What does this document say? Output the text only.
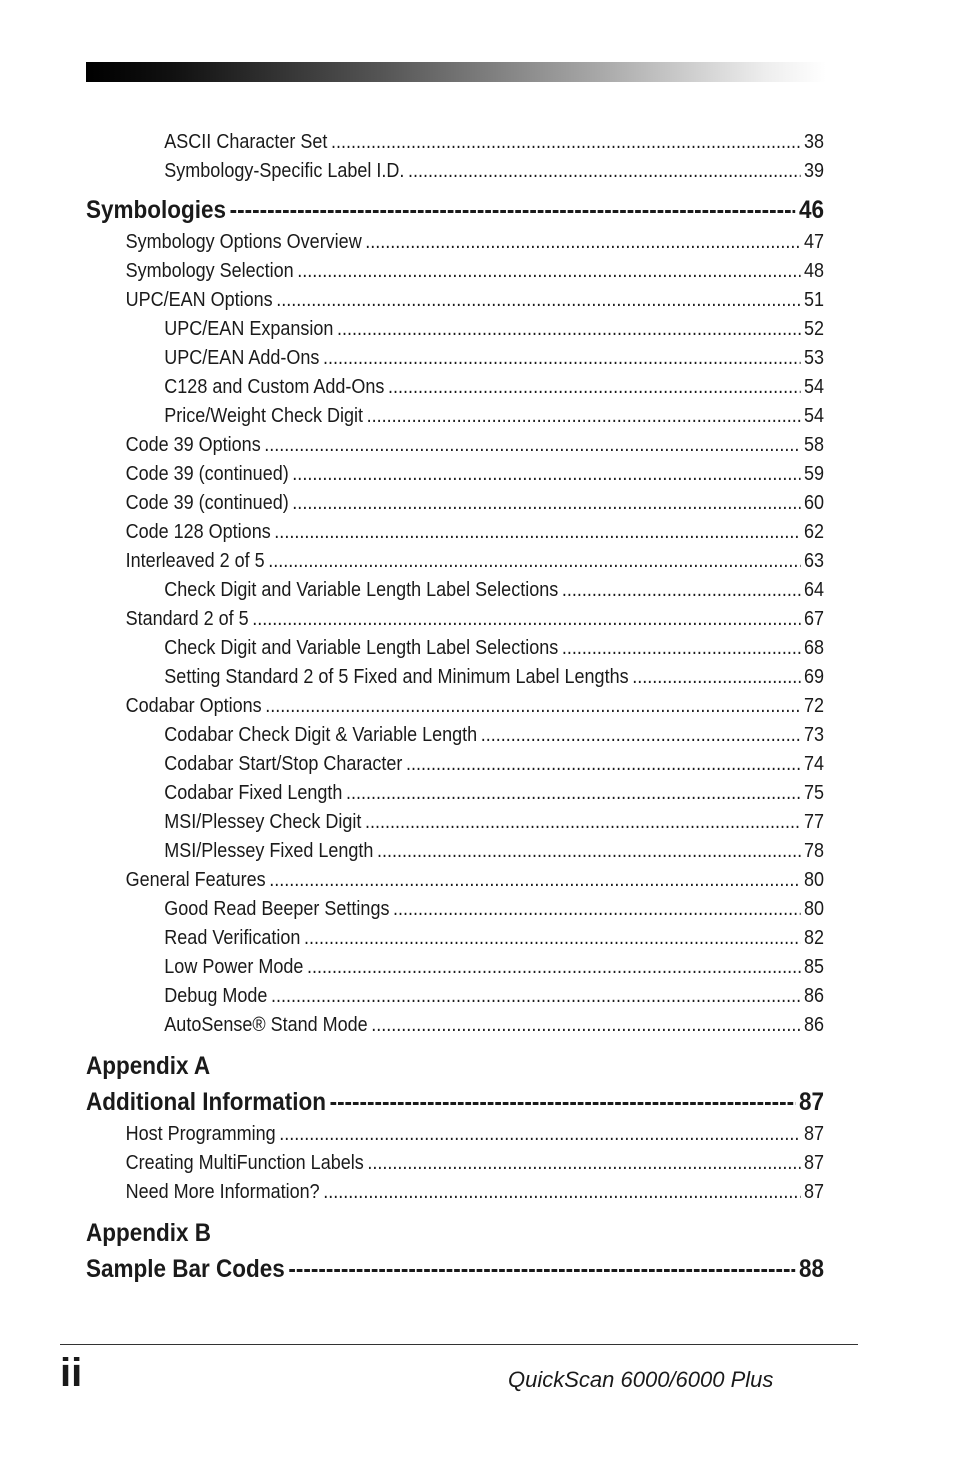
ASCII Character Set .....	38
Symbology-Specific Label I.D. .....	39
Symbologies -----	46
Symbology Options Overview .....	47
Symbology Selection .....	48
UPC/EAN Options .....	51
UPC/EAN Expansion .....	52
UPC/EAN Add-Ons .....	53
C128 and Custom Add-Ons .....	54
Price/Weight Check Digit .....	54
Code 39 Options .....	58
Code 39 (continued) .....	59
Code 39 (continued) .....	60
Code 128 Options .....	62
Interleaved 2 of 5 .....	63
Check Digit and Variable Length Label Selections .....	64
Standard 2 of 5 .....	67
Check Digit and Variable Length Label Selections .....	68
Setting Standard 2 of 5 Fixed and Minimum Label Lengths .....	69
Codabar Options .....	72
Codabar Check Digit & Variable Length .....	73
Codabar Start/Stop Character .....	74
Codabar Fixed Length .....	75
MSI/Plessey Check Digit .....	77
MSI/Plessey Fixed Length .....	78
General Features .....	80
Good Read Beeper Settings .....	80
Read Verification .....	82
Low Power Mode .....	85
Debug Mode .....	86
AutoSense® Stand Mode .....	86
Appendix A
Additional Information -----	87
Host Programming .....	87
Creating MultiFunction Labels .....	87
Need More Information? .....	87
Appendix B
Sample Bar Codes -----	88
ii	QuickScan 6000/6000 Plus
